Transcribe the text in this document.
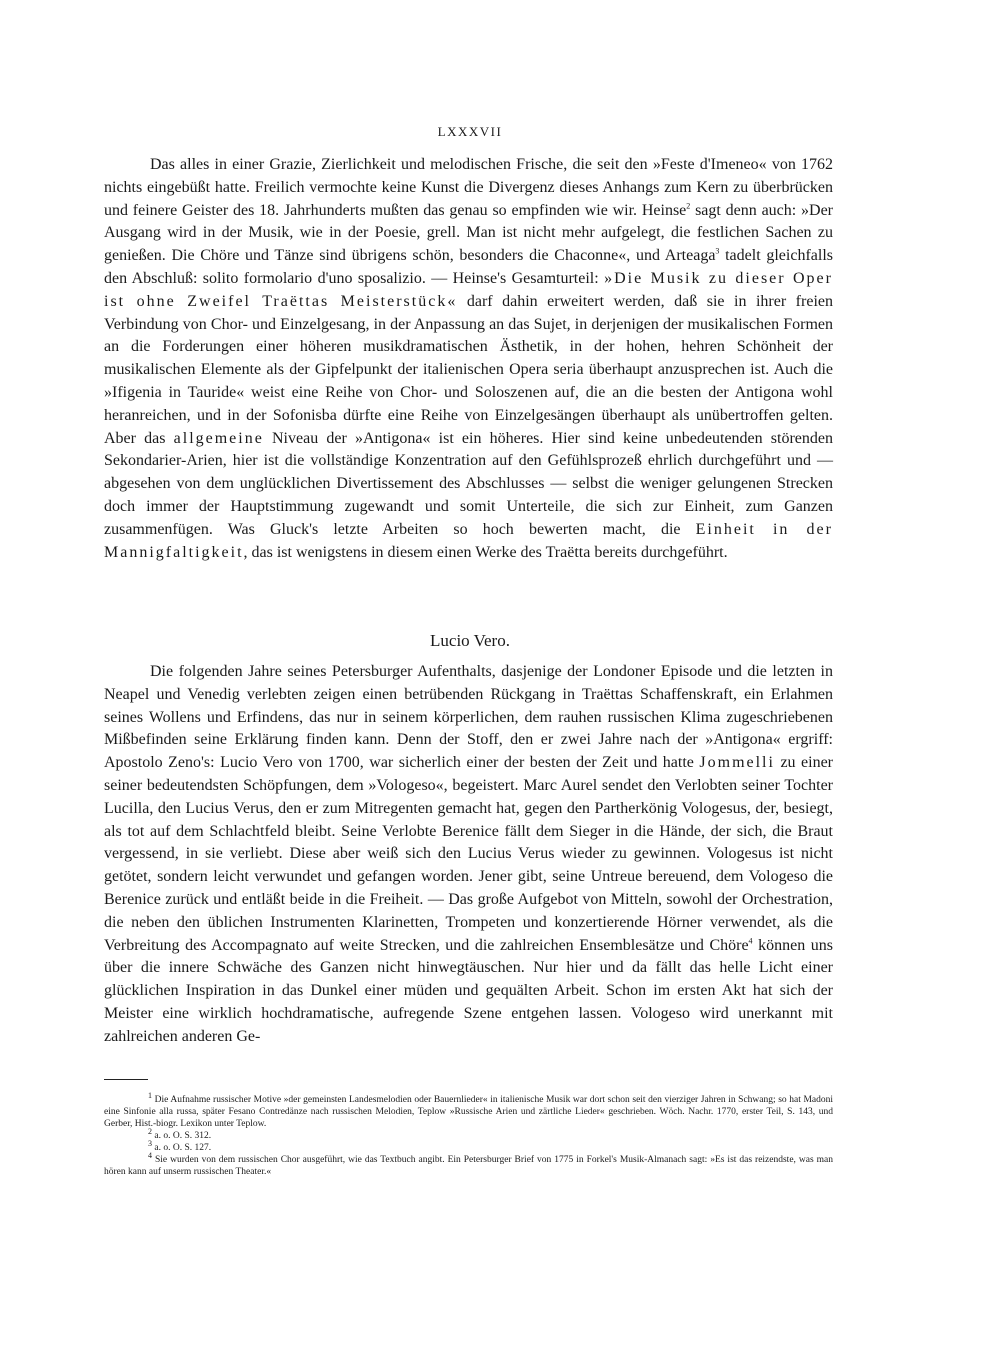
LXXXVII

Das alles in einer Grazie, Zierlichkeit und melodischen Frische, die seit den »Feste d'Imeneo« von 1762 nichts eingebüßt hatte. Freilich vermochte keine Kunst die Divergenz dieses Anhangs zum Kern zu überbrücken und feinere Geister des 18. Jahrhunderts mußten das genau so empfinden wie wir. Heinse$^2$ sagt denn auch: »Der Ausgang wird in der Musik, wie in der Poesie, grell. Man ist nicht mehr aufgelegt, die festlichen Sachen zu genießen. Die Chöre und Tänze sind übrigens schön, besonders die Chaconne«, und Arteaga$^3$ tadelt gleichfalls den Abschluß: solito formolario d'uno sposalizio. — Heinse's Gesamturteil: »Die Musik zu dieser Oper ist ohne Zweifel Traëttas Meisterstück« darf dahin erweitert werden, daß sie in ihrer freien Verbindung von Chor- und Einzelgesang, in der Anpassung an das Sujet, in derjenigen der musikalischen Formen an die Forderungen einer höheren musikdramatischen Ästhetik, in der hohen, hehren Schönheit der musikalischen Elemente als der Gipfelpunkt der italienischen Opera seria überhaupt anzusprechen ist. Auch die »Ifigenia in Tauride« weist eine Reihe von Chor- und Soloszenen auf, die an die besten der Antigona wohl heranreichen, und in der Sofonisba dürfte eine Reihe von Einzelgesängen überhaupt als unübertroffen gelten. Aber das allgemeine Niveau der »Antigona« ist ein höheres. Hier sind keine unbedeutenden störenden Sekondarier-Arien, hier ist die vollständige Konzentration auf den Gefühlsprozeß ehrlich durchgeführt und — abgesehen von dem unglücklichen Divertissement des Abschlusses — selbst die weniger gelungenen Strecken doch immer der Hauptstimmung zugewandt und somit Unterteile, die sich zur Einheit, zum Ganzen zusammenfügen. Was Gluck's letzte Arbeiten so hoch bewerten macht, die Einheit in der Mannigfaltigkeit, das ist wenigstens in diesem einen Werke des Traëtta bereits durchgeführt.

Lucio Vero.

Die folgenden Jahre seines Petersburger Aufenthalts, dasjenige der Londoner Episode und die letzten in Neapel und Venedig verlebten zeigen einen betrübenden Rückgang in Traëttas Schaffenskraft, ein Erlahmen seines Wollens und Erfindens, das nur in seinem körperlichen, dem rauhen russischen Klima zugeschriebenen Mißbefinden seine Erklärung finden kann. Denn der Stoff, den er zwei Jahre nach der »Antigona« ergriff: Apostolo Zeno's: Lucio Vero von 1700, war sicherlich einer der besten der Zeit und hatte Jommelli zu einer seiner bedeutendsten Schöpfungen, dem »Vologeso«, begeistert. Marc Aurel sendet den Verlobten seiner Tochter Lucilla, den Lucius Verus, den er zum Mitregenten gemacht hat, gegen den Partherkönig Vologesus, der, besiegt, als tot auf dem Schlachtfeld bleibt. Seine Verlobte Berenice fällt dem Sieger in die Hände, der sich, die Braut vergessend, in sie verliebt. Diese aber weiß sich den Lucius Verus wieder zu gewinnen. Vologesus ist nicht getötet, sondern leicht verwundet und gefangen worden. Jener gibt, seine Untreue bereuend, dem Vologeso die Berenice zurück und entläßt beide in die Freiheit. — Das große Aufgebot von Mitteln, sowohl der Orchestration, die neben den üblichen Instrumenten Klarinetten, Trompeten und konzertierende Hörner verwendet, als die Verbreitung des Accompagnato auf weite Strecken, und die zahlreichen Ensemblesätze und Chöre$^4$ können uns über die innere Schwäche des Ganzen nicht hinwegtäuschen. Nur hier und da fällt das helle Licht einer glücklichen Inspiration in das Dunkel einer müden und gequälten Arbeit. Schon im ersten Akt hat sich der Meister eine wirklich hochdramatische, aufregende Szene entgehen lassen. Vologeso wird unerkannt mit zahlreichen anderen Ge-

$^1$ Die Aufnahme russischer Motive »der gemeinsten Landesmelodien oder Bauernlieder« in italienische Musik war dort schon seit den vierziger Jahren in Schwang; so hat Madoni eine Sinfonie alla russa, später Fesano Contredänze nach russischen Melodien, Teplow »Russische Arien und zärtliche Lieder« geschrieben. Wöch. Nachr. 1770, erster Teil, S. 143, und Gerber, Hist.-biogr. Lexikon unter Teplow.
$^2$ a. o. O. S. 312.
$^3$ a. o. O. S. 127.
$^4$ Sie wurden von dem russischen Chor ausgeführt, wie das Textbuch angibt. Ein Petersburger Brief von 1775 in Forkel's Musik-Almanach sagt: »Es ist das reizendste, was man hören kann auf unserm russischen Theater.«
